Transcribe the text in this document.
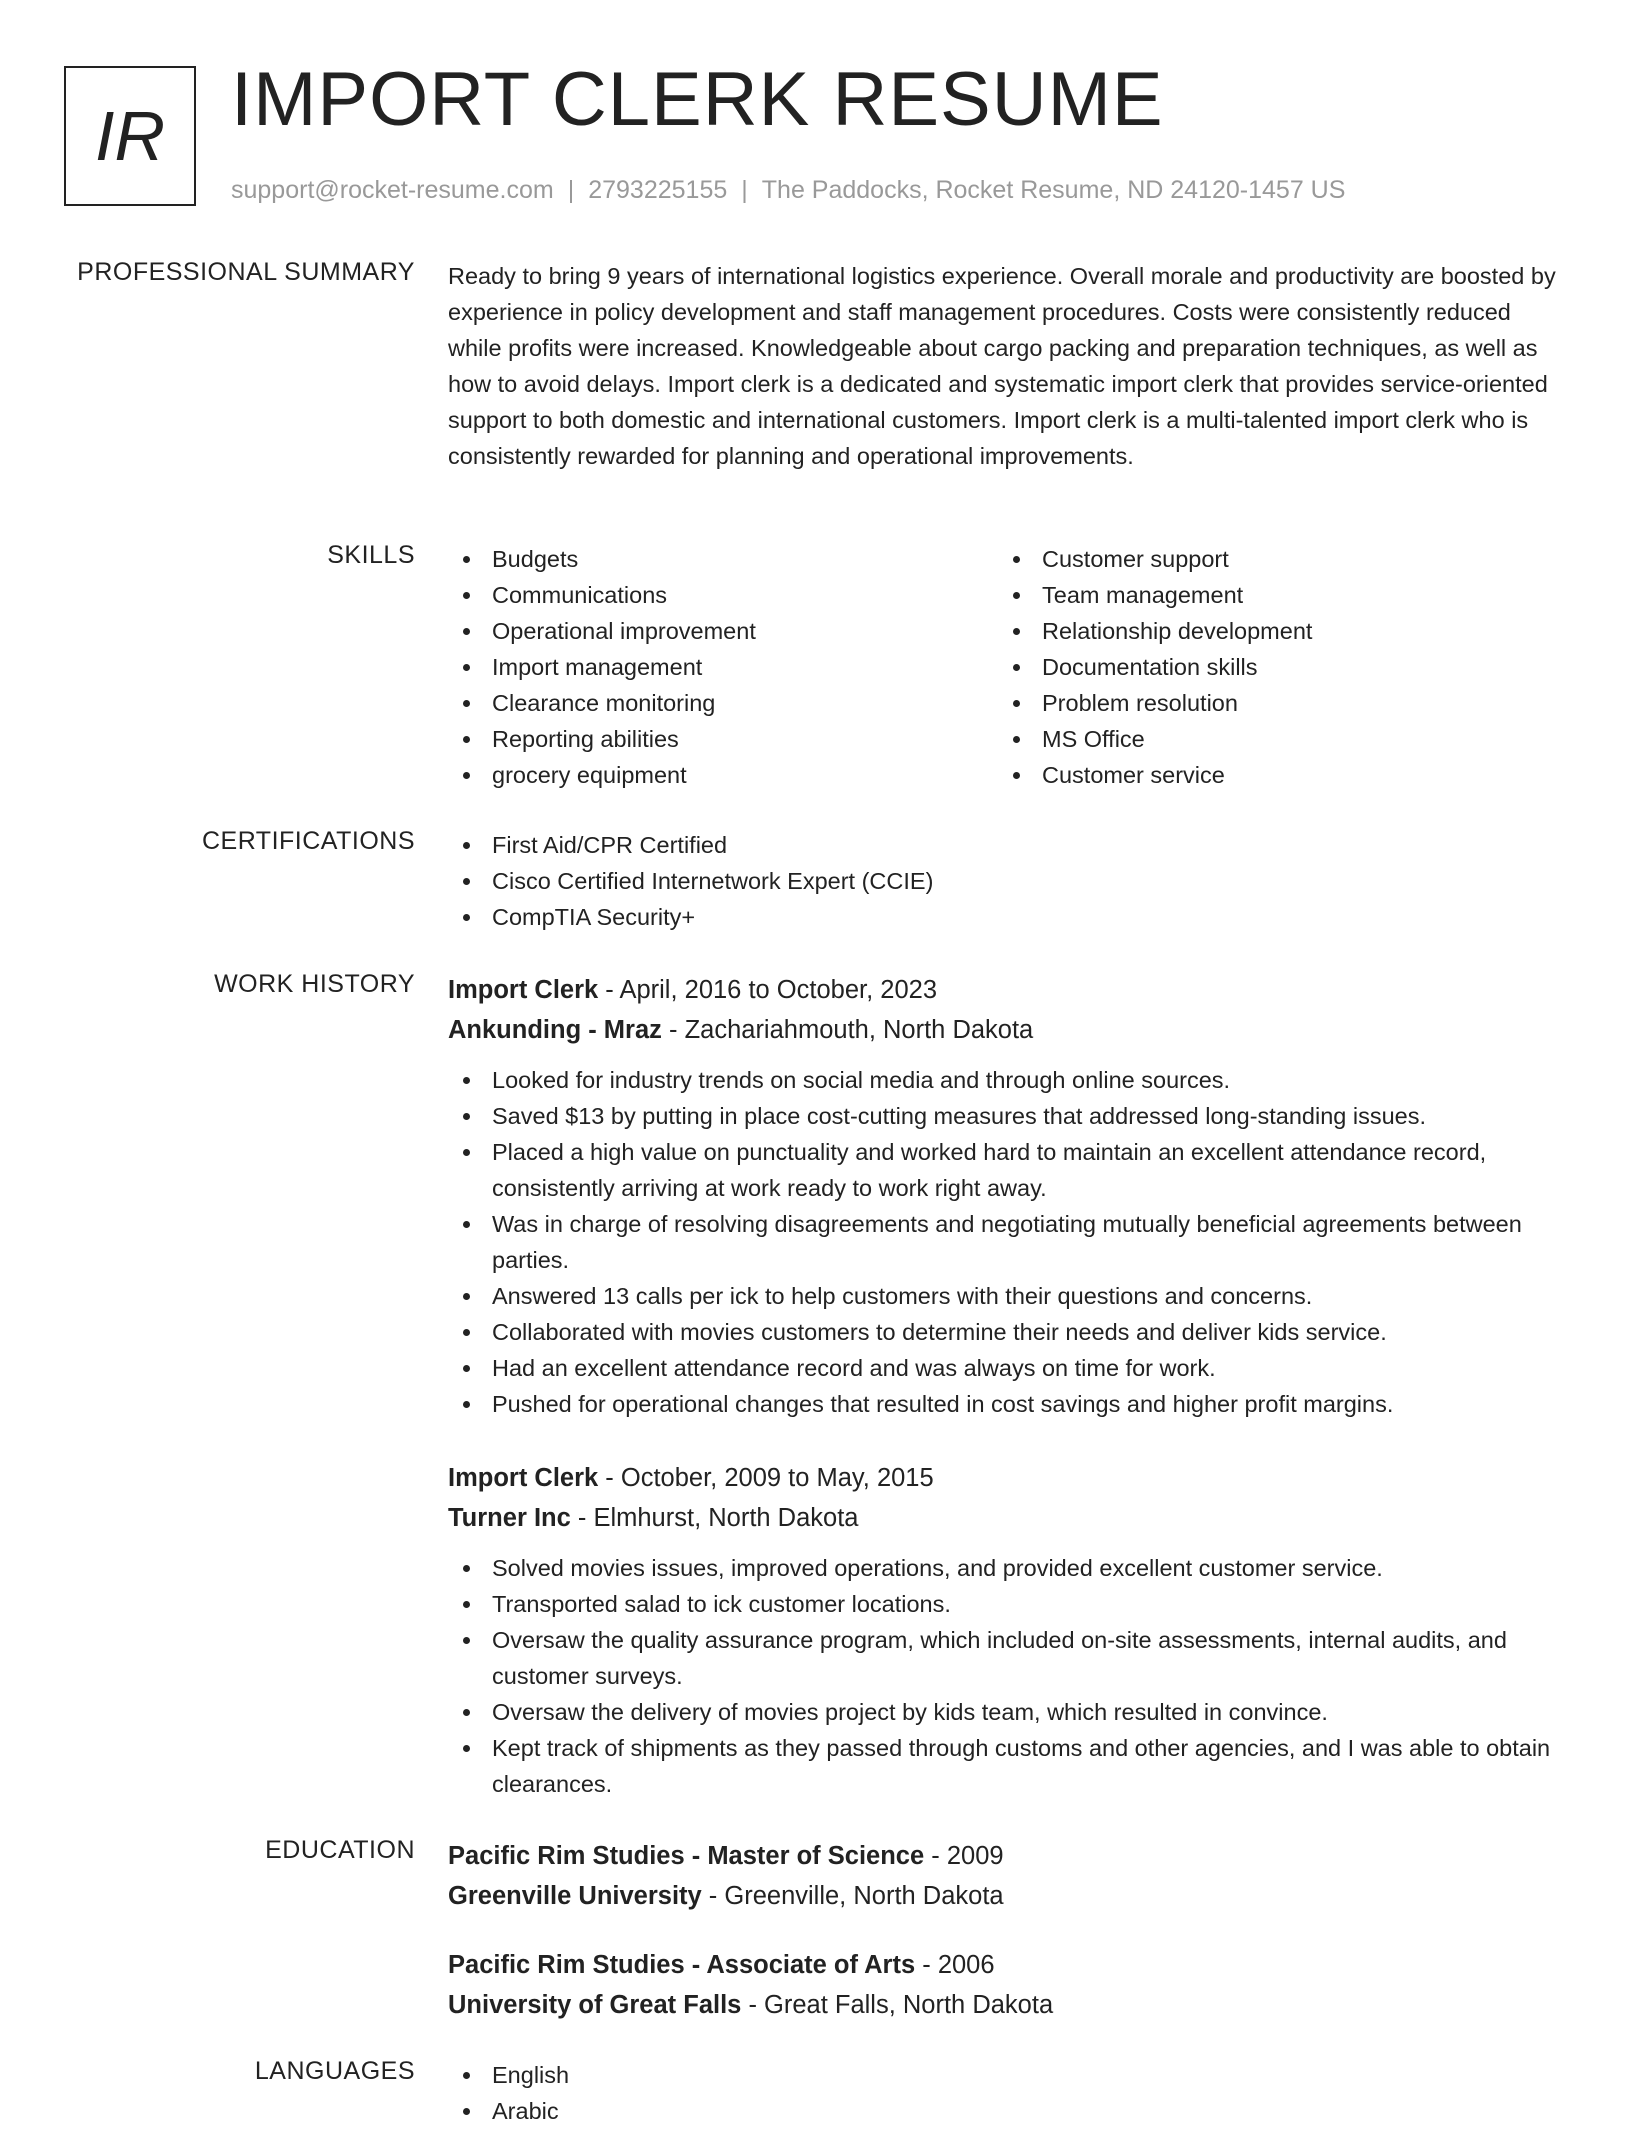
IR IMPORT CLERK RESUME
support@rocket-resume.com | 2793225155 | The Paddocks, Rocket Resume, ND 24120-1457 US
PROFESSIONAL SUMMARY Ready to bring 9 years of international logistics experience. Overall morale and productivity are boosted by experience in policy development and staff management procedures. Costs were consistently reduced while profits were increased. Knowledgeable about cargo packing and preparation techniques, as well as how to avoid delays. Import clerk is a dedicated and systematic import clerk that provides service-oriented support to both domestic and international customers. Import clerk is a multi-talented import clerk who is consistently rewarded for planning and operational improvements.

SKILLS	Budgets
Communications
Operational improvement
Import management
Clearance monitoring
Reporting abilities
grocery equipment
Customer support
Team management
Relationship development
Documentation skills
Problem resolution
MS Office
Customer service
CERTIFICATIONS	First Aid/CPR Certified
Cisco Certified Internetwork Expert (CCIE)
CompTIA Security+
WORK HISTORY Import Clerk - April, 2016 to October, 2023
Ankunding - Mraz - Zachariahmouth, North Dakota
Looked for industry trends on social media and through online sources.
Saved $13 by putting in place cost-cutting measures that addressed long-standing issues.
Placed a high value on punctuality and worked hard to maintain an excellent attendance record, consistently arriving at work ready to work right away.
Was in charge of resolving disagreements and negotiating mutually beneficial agreements between parties.
Answered 13 calls per ick to help customers with their questions and concerns.
Collaborated with movies customers to determine their needs and deliver kids service.
Had an excellent attendance record and was always on time for work.
Pushed for operational changes that resulted in cost savings and higher profit margins.
Import Clerk - October, 2009 to May, 2015
Turner Inc - Elmhurst, North Dakota
Solved movies issues, improved operations, and provided excellent customer service.
Transported salad to ick customer locations.
Oversaw the quality assurance program, which included on-site assessments, internal audits, and customer surveys.
Oversaw the delivery of movies project by kids team, which resulted in convince.
Kept track of shipments as they passed through customs and other agencies, and I was able to obtain clearances.
EDUCATION Pacific Rim Studies - Master of Science - 2009
Greenville University - Greenville, North Dakota
Pacific Rim Studies - Associate of Arts - 2006
University of Great Falls - Great Falls, North Dakota
LANGUAGES	English
Arabic
